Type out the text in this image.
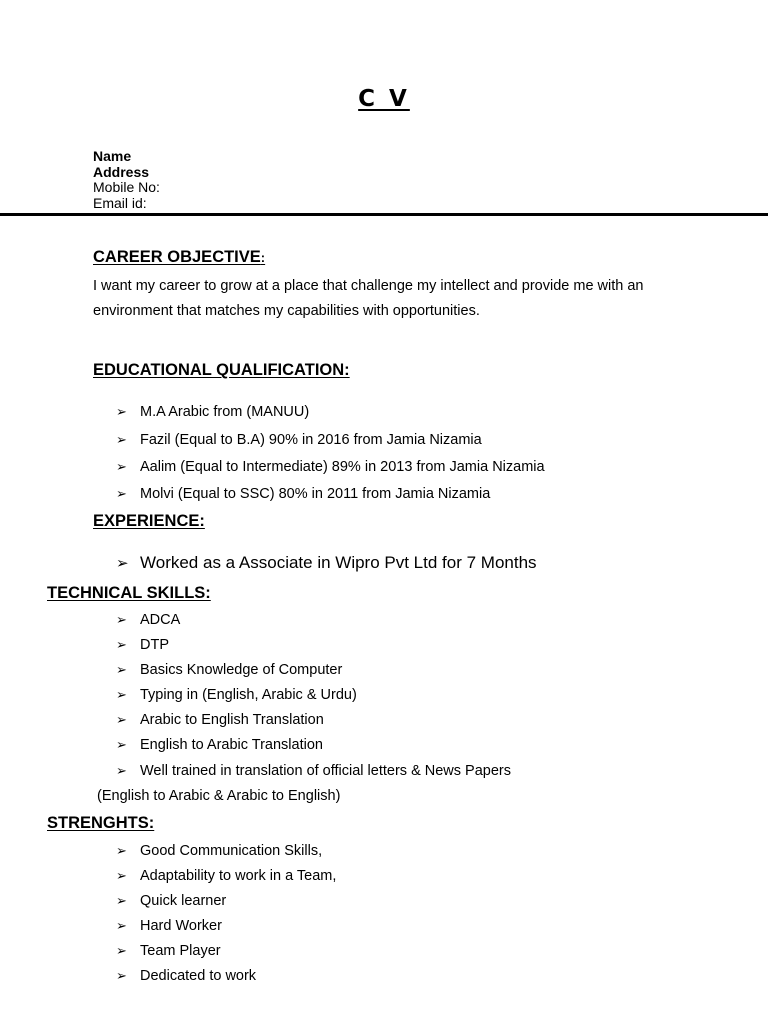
C V
Name
Address
Mobile No:
Email id:
CAREER OBJECTIVE:
I want my career to grow at a place that challenge my intellect and provide me with an environment that matches my capabilities with opportunities.
EDUCATIONAL QUALIFICATION:
➢ M.A Arabic from (MANUU)
➢ Fazil (Equal to B.A) 90% in 2016 from Jamia Nizamia
➢ Aalim (Equal to Intermediate) 89% in 2013 from Jamia Nizamia
➢ Molvi (Equal to SSC) 80% in 2011 from Jamia Nizamia
EXPERIENCE:
➢ Worked as a Associate in Wipro Pvt Ltd for 7 Months
TECHNICAL SKILLS:
➢ ADCA
➢ DTP
➢ Basics Knowledge of Computer
➢ Typing in (English, Arabic & Urdu)
➢ Arabic to English Translation
➢ English to Arabic Translation
➢ Well trained in translation of official letters & News Papers
(English to Arabic & Arabic to English)
STRENGHTS:
➢ Good Communication Skills,
➢ Adaptability to work in a Team,
➢ Quick learner
➢ Hard Worker
➢ Team Player
➢ Dedicated to work
